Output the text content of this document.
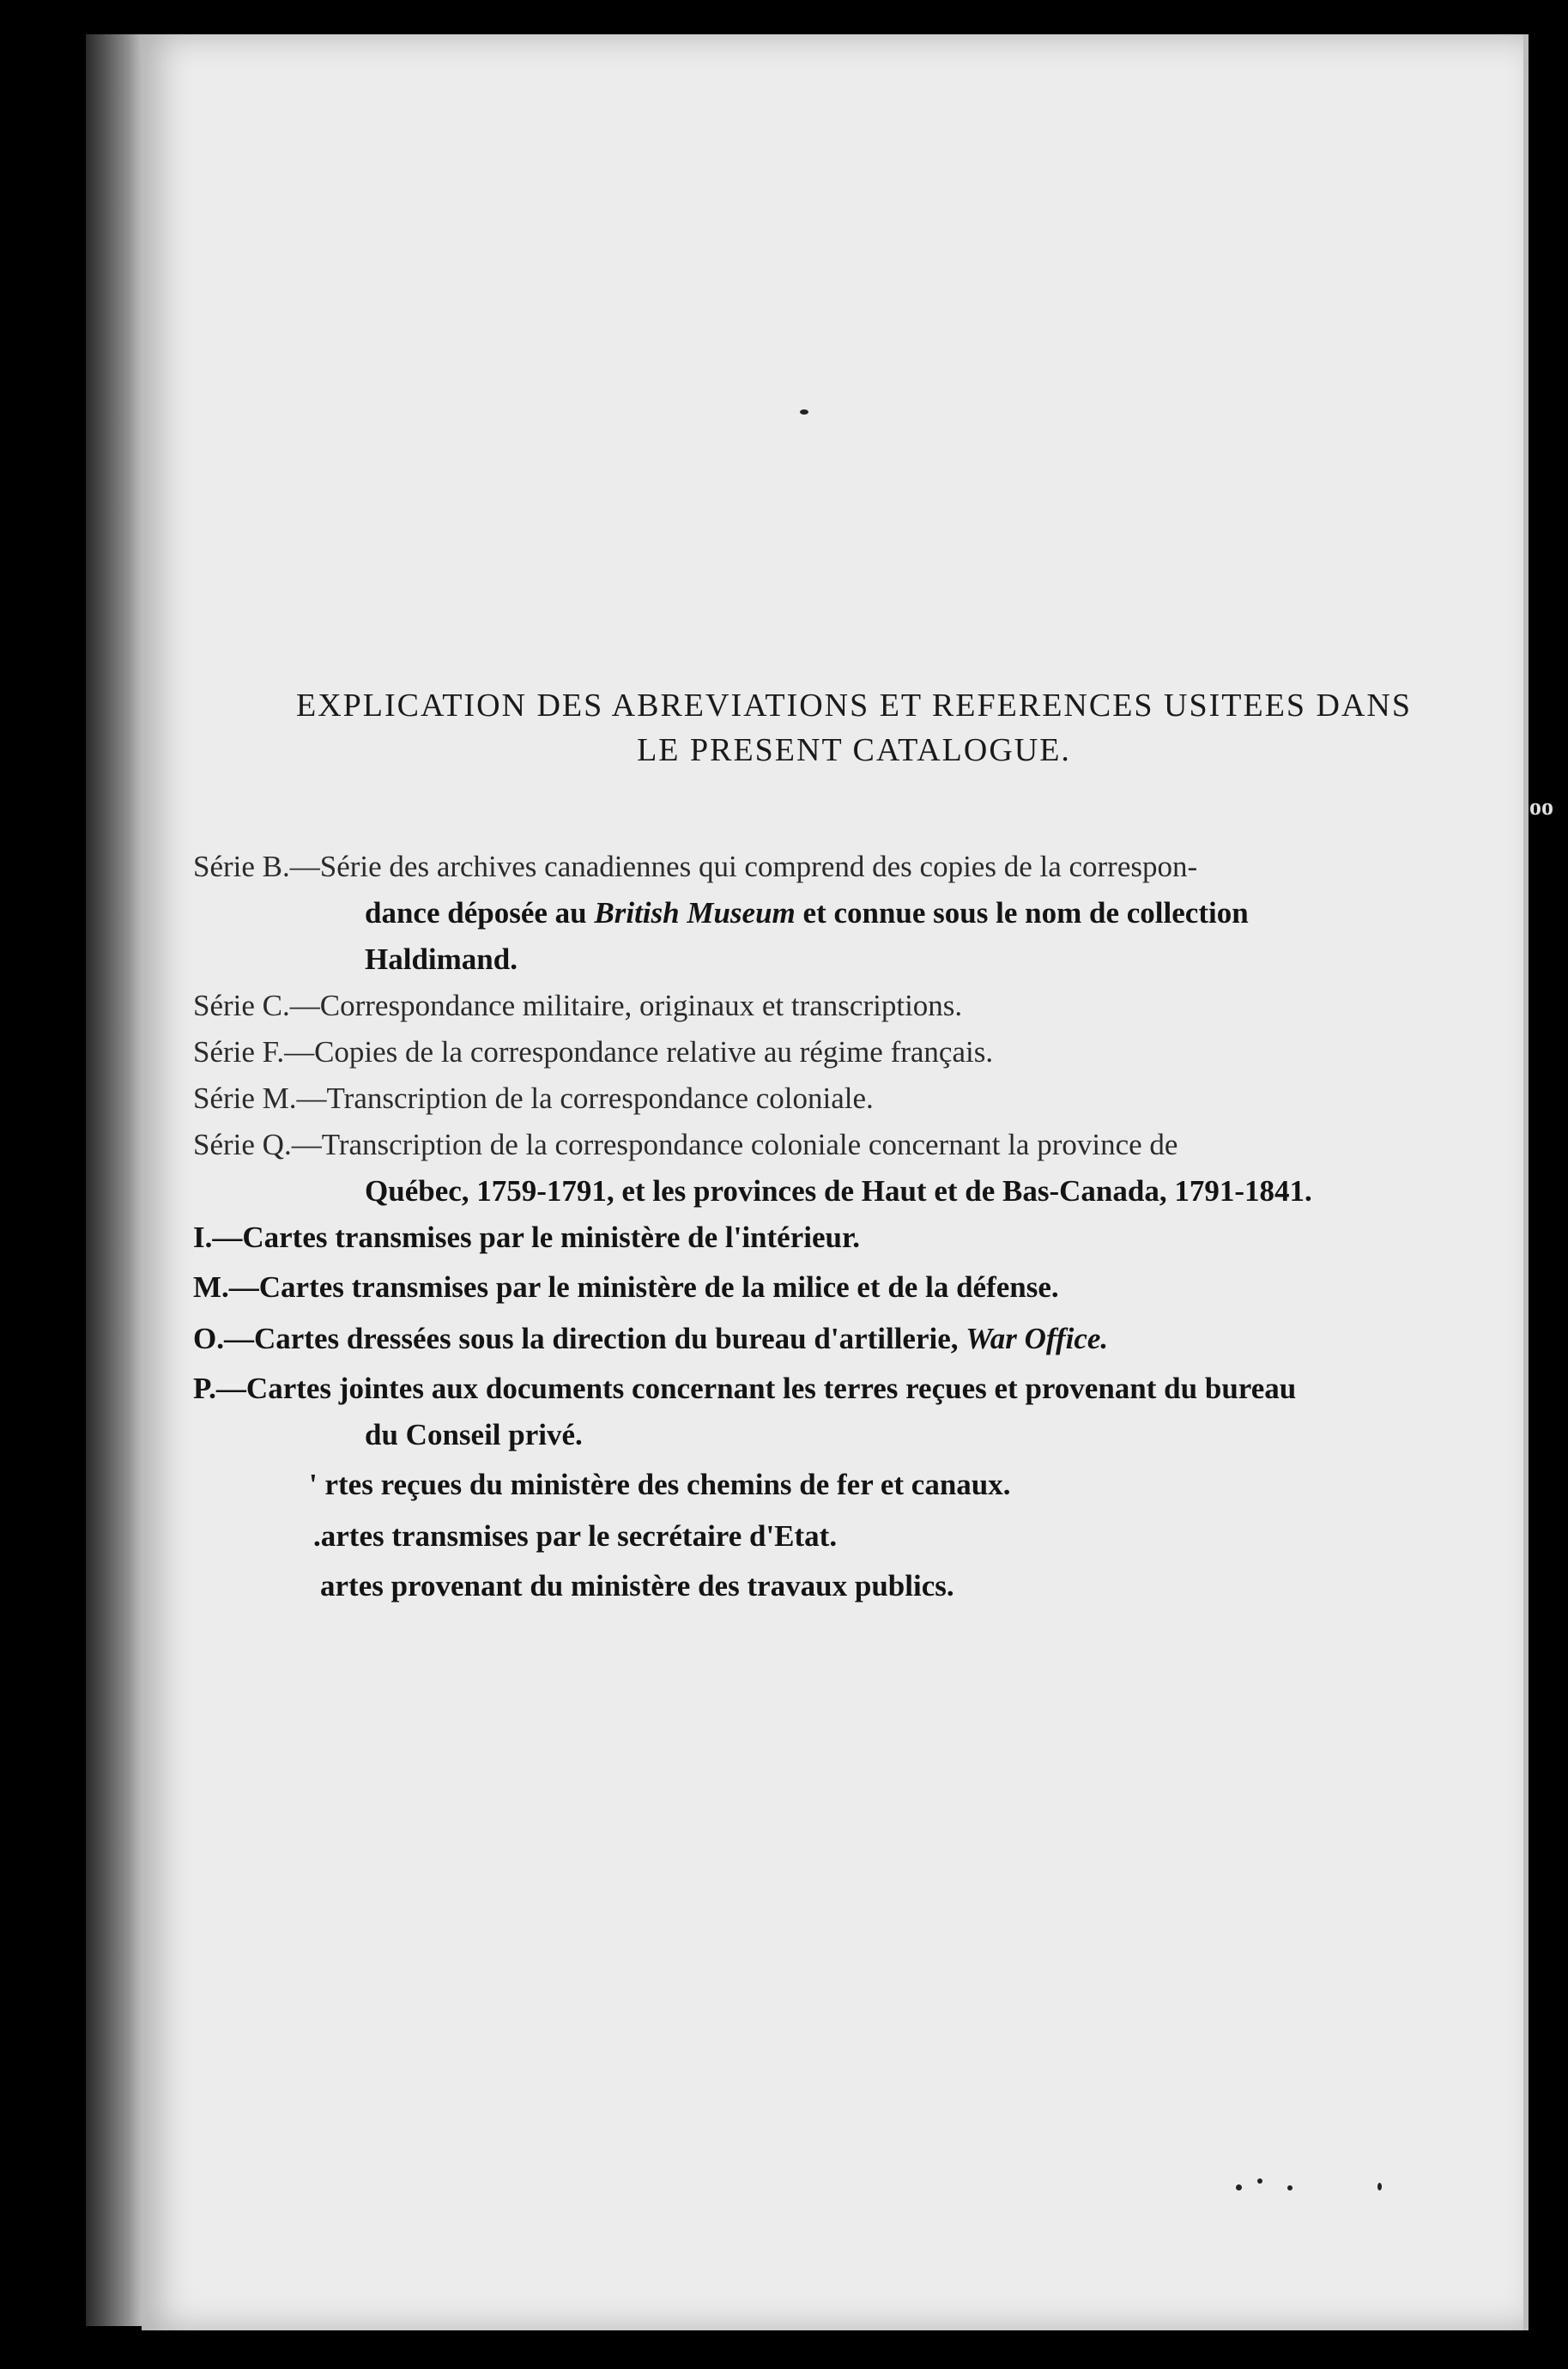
EXPLICATION DES ABREVIATIONS ET REFERENCES USITEES DANS
LE PRESENT CATALOGUE.
Série B.—Série des archives canadiennes qui comprend des copies de la correspon-
dance déposée au British Museum et connue sous le nom de collection
Haldimand.
Série C.—Correspondance militaire, originaux et transcriptions.
Série F.—Copies de la correspondance relative au régime français.
Série M.—Transcription de la correspondance coloniale.
Série Q.—Transcription de la correspondance coloniale concernant la province de
Québec, 1759-1791, et les provinces de Haut et de Bas-Canada, 1791-1841.
I.—Cartes transmises par le ministère de l'intérieur.
M.—Cartes transmises par le ministère de la milice et de la défense.
O.—Cartes dressées sous la direction du bureau d'artillerie, War Office.
P.—Cartes jointes aux documents concernant les terres reçues et provenant du bureau
du Conseil privé.
' rtes reçues du ministère des chemins de fer et canaux.
.artes transmises par le secrétaire d'Etat.
artes provenant du ministère des travaux publics.
oo
